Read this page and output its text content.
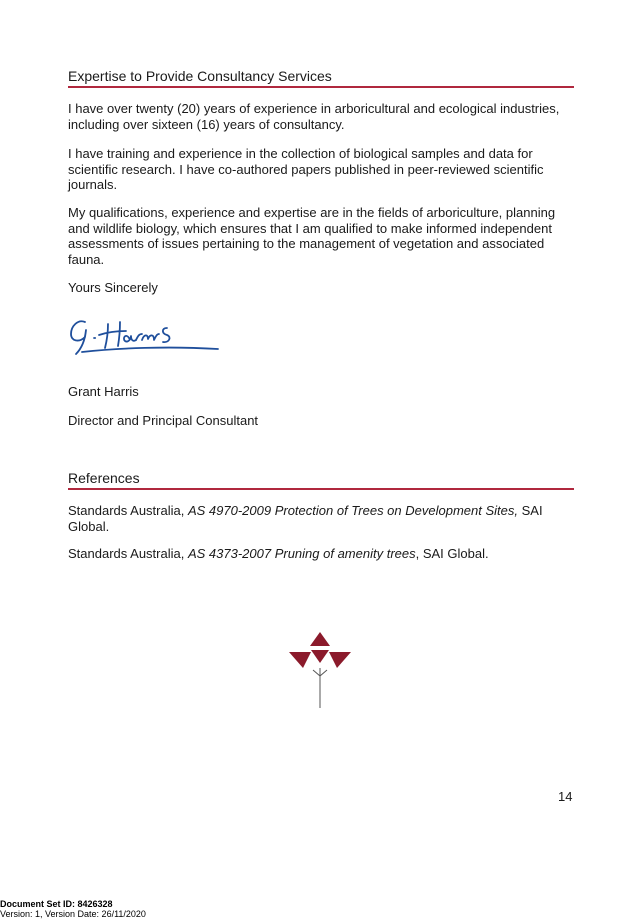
Expertise to Provide Consultancy Services

I have over twenty (20) years of experience in arboricultural and ecological industries, including over sixteen (16) years of consultancy.

I have training and experience in the collection of biological samples and data for scientific research. I have co-authored papers published in peer-reviewed scientific journals.

My qualifications, experience and expertise are in the fields of arboriculture, planning and wildlife biology, which ensures that I am qualified to make informed independent assessments of issues pertaining to the management of vegetation and associated fauna.

Yours Sincerely

Grant Harris

Director and Principal Consultant

References

Standards Australia, AS 4970-2009 Protection of Trees on Development Sites, SAI Global.

Standards Australia, AS 4373-2007 Pruning of amenity trees, SAI Global.

14
Document Set ID: 8426328
Version: 1, Version Date: 26/11/2020
